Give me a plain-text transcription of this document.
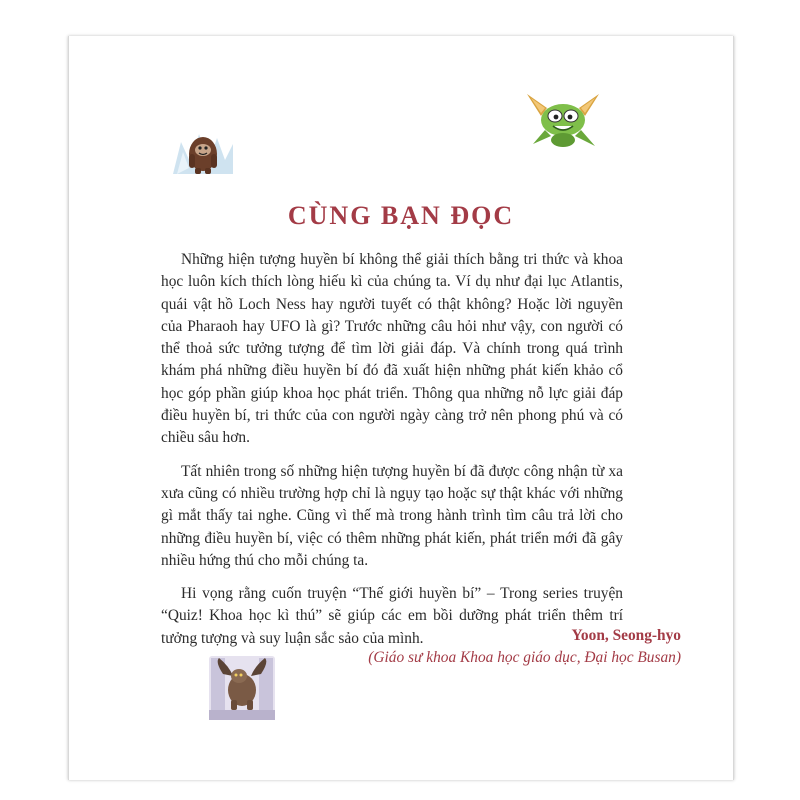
CÙNG BẠN ĐỌC

Những hiện tượng huyền bí không thể giải thích bằng tri thức và khoa học luôn kích thích lòng hiếu kì của chúng ta. Ví dụ như đại lục Atlantis, quái vật hồ Loch Ness hay người tuyết có thật không? Hoặc lời nguyền của Pharaoh hay UFO là gì? Trước những câu hỏi như vậy, con người có thể thoả sức tưởng tượng để tìm lời giải đáp. Và chính trong quá trình khám phá những điều huyền bí đó đã xuất hiện những phát kiến khảo cổ học góp phần giúp khoa học phát triển. Thông qua những nỗ lực giải đáp điều huyền bí, tri thức của con người ngày càng trở nên phong phú và có chiều sâu hơn.

Tất nhiên trong số những hiện tượng huyền bí đã được công nhận từ xa xưa cũng có nhiều trường hợp chỉ là ngụy tạo hoặc sự thật khác với những gì mắt thấy tai nghe. Cũng vì thế mà trong hành trình tìm câu trả lời cho những điều huyền bí, việc có thêm những phát kiến, phát triển mới đã gây nhiều hứng thú cho mỗi chúng ta.

Hi vọng rằng cuốn truyện “Thế giới huyền bí” – Trong series truyện “Quiz! Khoa học kì thú” sẽ giúp các em bồi dưỡng phát triển thêm trí tưởng tượng và suy luận sắc sảo của mình.	Yoon, Seong-hyo
(Giáo sư khoa Khoa học giáo dục, Đại học Busan)
